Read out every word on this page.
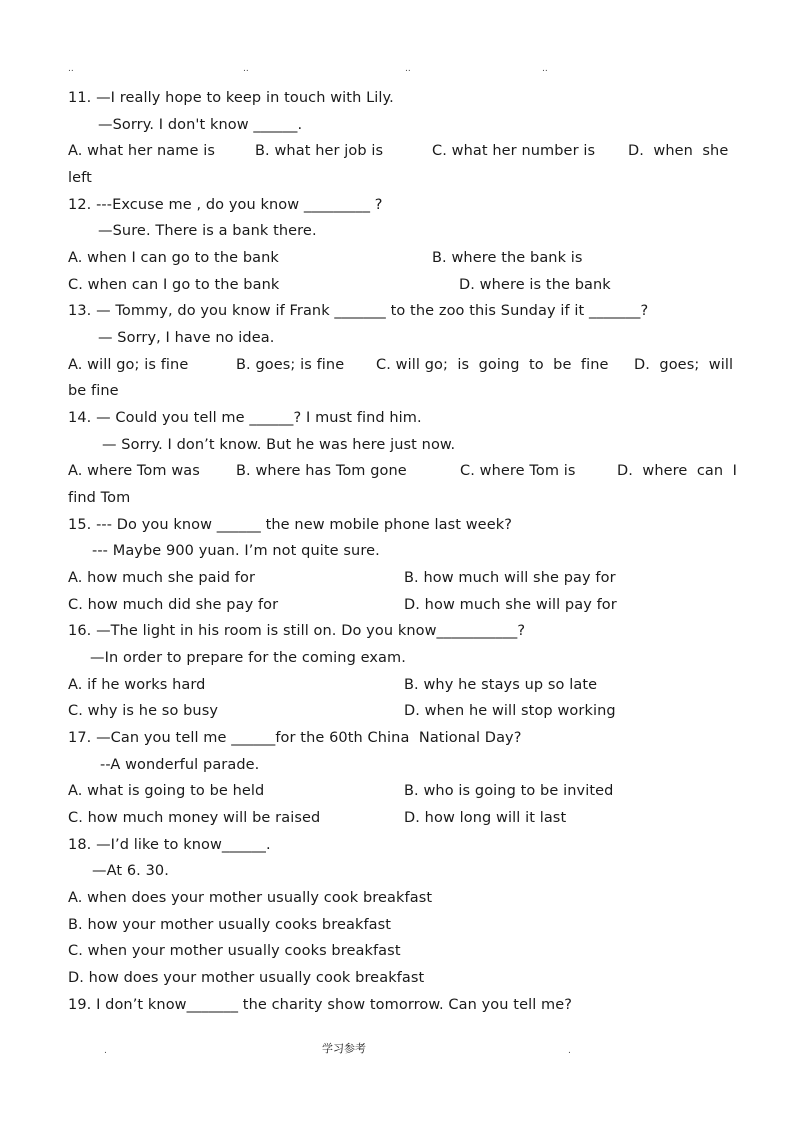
..	..	..	..
11. —I really hope to keep in touch with Lily.
—Sorry. I don't know ______.
A. what her name is	B. what her job is	C. what her number is D.  when  she
left
12. ---Excuse me , do you know _________ ?
—Sure. There is a bank there.
A. when I can go to the bank	B. where the bank is
C. when can I go to the bank	D. where is the bank
13. — Tommy, do you know if Frank _______ to the zoo this Sunday if it _______?
— Sorry, I have no idea.
A. will go; is fine	B. goes; is fine C. will go;  is  going  to  be  fine D.  goes;  will
be fine
14. — Could you tell me ______? I must find him.
— Sorry. I don’t know. But he was here just now.
A. where Tom was B. where has Tom gone	C. where Tom is	D.  where  can  I
find Tom
15. --- Do you know ______ the new mobile phone last week?
--- Maybe 900 yuan. I’m not quite sure.
A. how much she paid for	B. how much will she pay for
C. how much did she pay for	D. how much she will pay for
16. —The light in his room is still on. Do you know___________?
—In order to prepare for the coming exam.
A. if he works hard	B. why he stays up so late
C. why is he so busy	D. when he will stop working
17. —Can you tell me ______for the 60th China  National Day?
--A wonderful parade.
A. what is going to be held	B. who is going to be invited
C. how much money will be raised	D. how long will it last
18. —I’d like to know______.
—At 6. 30.
A. when does your mother usually cook breakfast
B. how your mother usually cooks breakfast
C. when your mother usually cooks breakfast
D. how does your mother usually cook breakfast
19. I don’t know_______ the charity show tomorrow. Can you tell me?
.	学习参考	.
